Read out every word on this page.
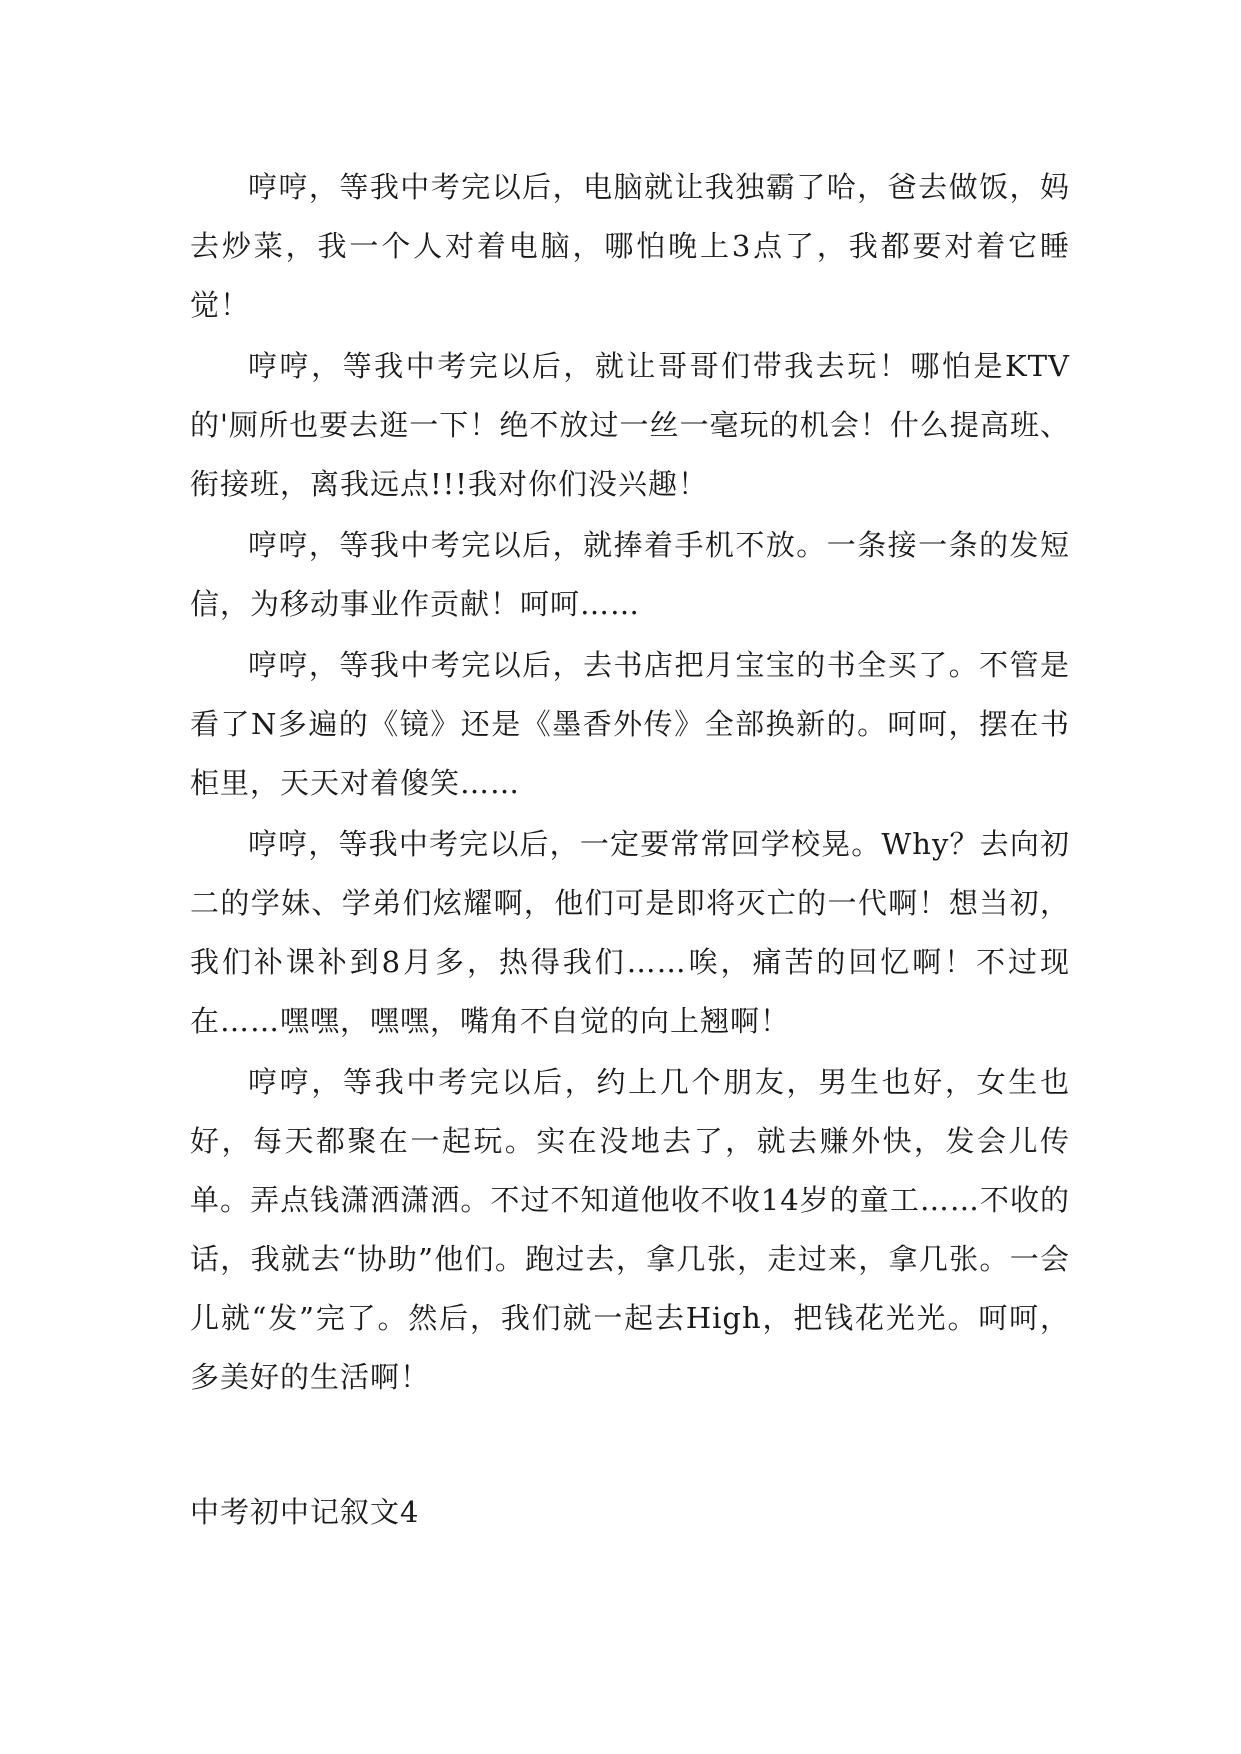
哼哼，等我中考完以后，电脑就让我独霸了哈，爸去做饭，妈去炒菜，我一个人对着电脑，哪怕晚上3点了，我都要对着它睡觉！

哼哼，等我中考完以后，就让哥哥们带我去玩！哪怕是KTV的'厕所也要去逛一下！绝不放过一丝一毫玩的机会！什么提高班、衔接班，离我远点!!!我对你们没兴趣！

哼哼，等我中考完以后，就捧着手机不放。一条接一条的发短信，为移动事业作贡献！呵呵……

哼哼，等我中考完以后，去书店把月宝宝的书全买了。不管是看了N多遍的《镜》还是《墨香外传》全部换新的。呵呵，摆在书柜里，天天对着傻笑……

哼哼，等我中考完以后，一定要常常回学校晃。Why？去向初二的学妹、学弟们炫耀啊，他们可是即将灭亡的一代啊！想当初，我们补课补到8月多，热得我们……唉，痛苦的回忆啊！不过现在……嘿嘿，嘿嘿，嘴角不自觉的向上翘啊！

哼哼，等我中考完以后，约上几个朋友，男生也好，女生也好，每天都聚在一起玩。实在没地去了，就去赚外快，发会儿传单。弄点钱潇洒潇洒。不过不知道他收不收14岁的童工……不收的话，我就去“协助”他们。跑过去，拿几张，走过来，拿几张。一会儿就“发”完了。然后，我们就一起去High，把钱花光光。呵呵，多美好的生活啊！

中考初中记叙文4
